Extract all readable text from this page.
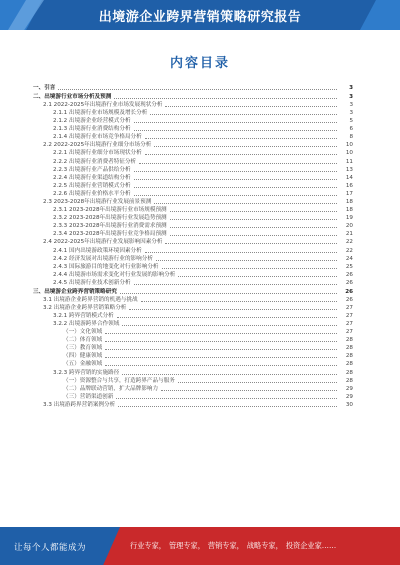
出境游企业跨界营销策略研究报告
内容目录
一、引言	3
二、出境游行业市场分析及预测	3
2.1 2022-2025年出境游行业市场发展现状分析	3
2.1.1 出境游行业市场规模及增长分析	3
2.1.2 出境游企业经营模式分析	5
2.1.3 出境游行业消费结构分析	6
2.1.4 出境游行业市场竞争格局分析	8
2.2 2022-2025年出境游行业细分市场分析	10
2.2.1 出境游行业细分市场现状分析	10
2.2.2 出境游行业消费者特征分析	11
2.2.3 出境游行业产品供给分析	13
2.2.4 出境游行业渠道结构分析	14
2.2.5 出境游行业营销模式分析	16
2.2.6 出境游行业价格水平分析	17
2.3 2023-2028年出境游行业发展前景预测	18
2.3.1 2023-2028年出境游行业市场规模预测	18
2.3.2 2023-2028年出境游行业发展趋势预测	19
2.3.3 2023-2028年出境游行业消费需求预测	20
2.3.4 2023-2028年出境游行业竞争格局预测	21
2.4 2022-2025年出境游行业发展影响因素分析	22
2.4.1 国内出境游政策环境因素分析	22
2.4.2 经济发展对出境游行业的影响分析	24
2.4.3 国际旅游目的地变化对行业影响分析	25
2.4.4 出境游市场需求变化对行业发展的影响分析	26
2.4.5 出境游行业技术创新分析	26
三、出境游企业跨界营销策略研究	26
3.1 出境游企业跨界营销的机遇与挑战	26
3.2 出境游企业跨界营销策略分析	27
3.2.1 跨界营销模式分析	27
3.2.2 出境游跨界合作领域	27
（一）文化领域	27
（二）体育领域	28
（三）教育领域	28
（四）健康领域	28
（五）金融领域	28
3.2.3 跨界营销的实施路径	28
（一）资源整合与共享，打造跨界产品与服务	28
（二）品牌联动营销，扩大品牌影响力	29
（三）营销渠道创新	29
3.3 出境游跨界营销案例分析	30
让每个人都能成为	行业专家， 管理专家， 营销专家， 战略专家， 投资企业家……
